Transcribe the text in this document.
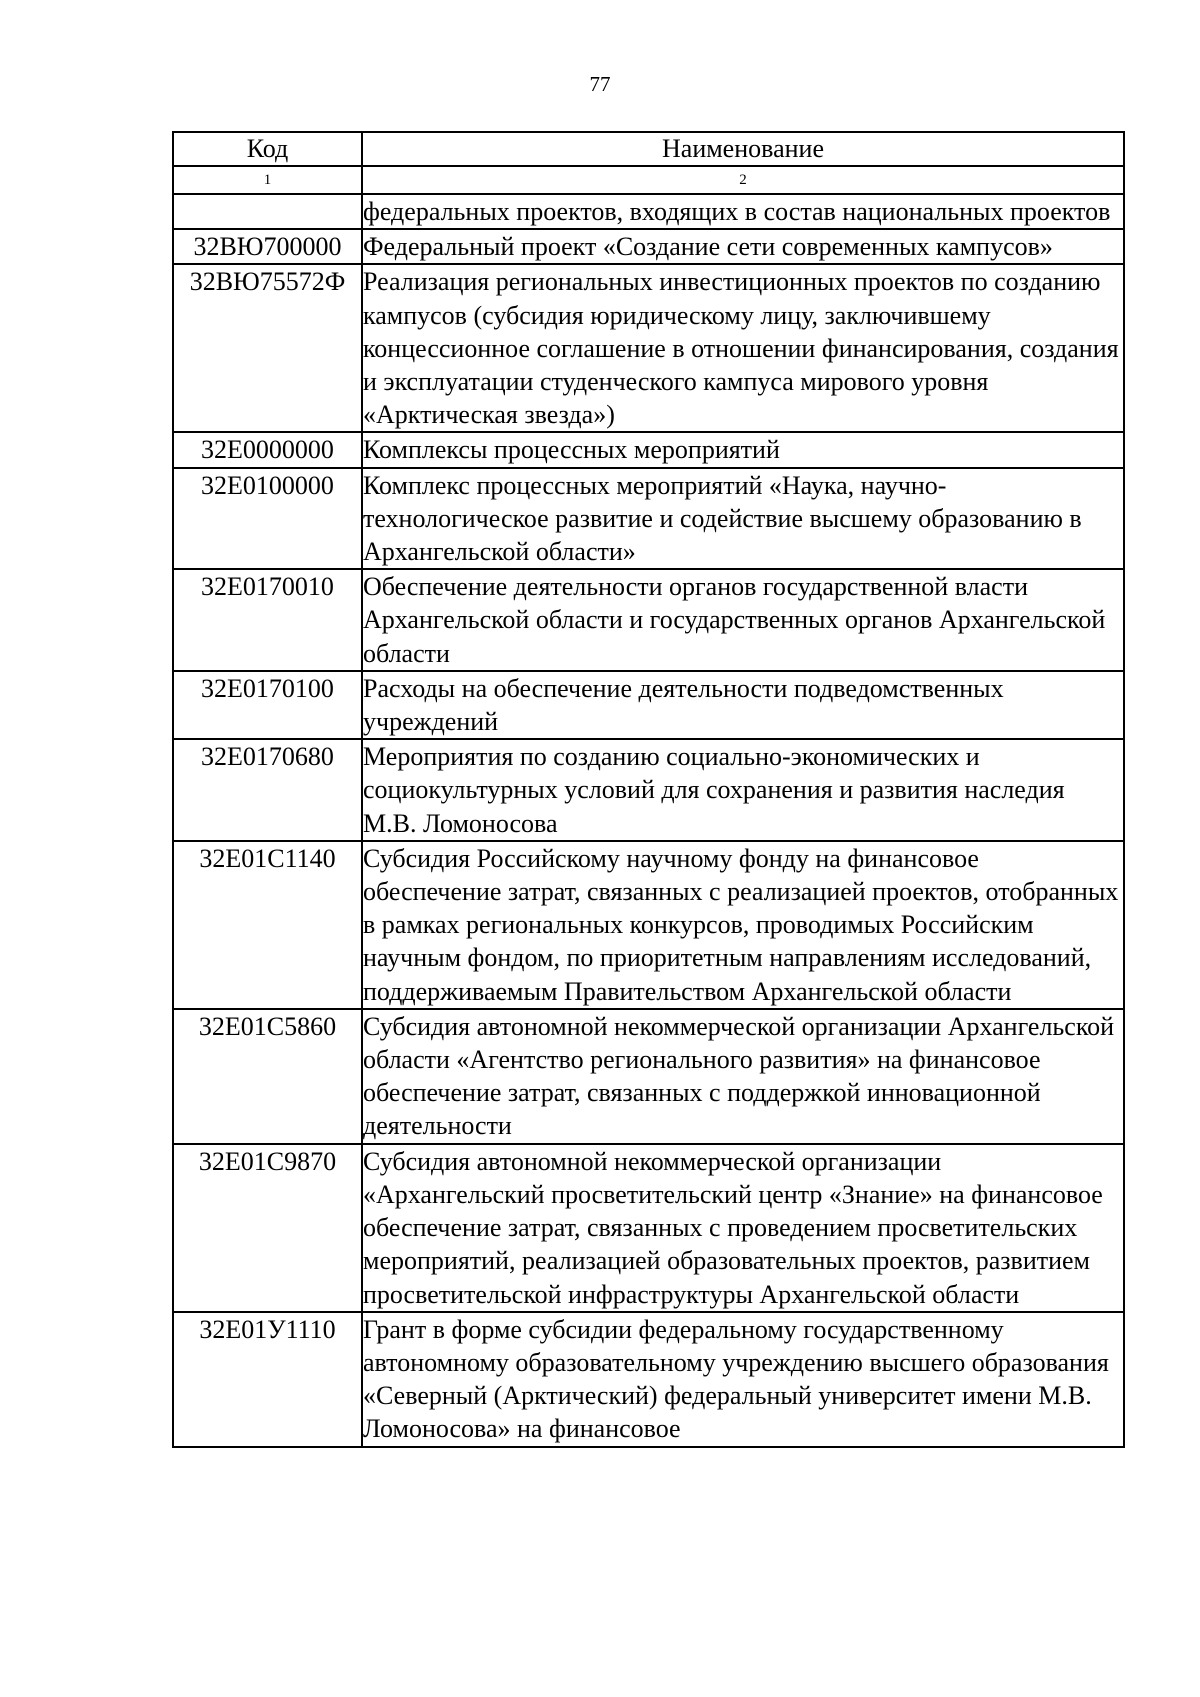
77
Код	Наименование
1	2
	федеральных проектов, входящих в состав национальных проектов
32ВЮ700000	Федеральный проект «Создание сети современных кампусов»
32ВЮ75572Ф	Реализация региональных инвестиционных проектов по созданию кампусов (субсидия юридическому лицу, заключившему концессионное соглашение в отношении финансирования, создания и эксплуатации студенческого кампуса мирового уровня «Арктическая звезда»)
32Е0000000	Комплексы процессных мероприятий
32Е0100000	Комплекс процессных мероприятий «Наука, научно-технологическое развитие и содействие высшему образованию в Архангельской области»
32Е0170010	Обеспечение деятельности органов государственной власти Архангельской области и государственных органов Архангельской области
32Е0170100	Расходы на обеспечение деятельности подведомственных учреждений
32Е0170680	Мероприятия по созданию социально-экономических и социокультурных условий для сохранения и развития наследия М.В. Ломоносова
32Е01С1140	Субсидия Российскому научному фонду на финансовое обеспечение затрат, связанных с реализацией проектов, отобранных в рамках региональных конкурсов, проводимых Российским научным фондом, по приоритетным направлениям исследований, поддерживаемым Правительством Архангельской области
32Е01С5860	Субсидия автономной некоммерческой организации Архангельской области «Агентство регионального развития» на финансовое обеспечение затрат, связанных с поддержкой инновационной деятельности
32Е01С9870	Субсидия автономной некоммерческой организации «Архангельский просветительский центр «Знание» на финансовое обеспечение затрат, связанных с проведением просветительских мероприятий, реализацией образовательных проектов, развитием просветительской инфраструктуры Архангельской области
32Е01У1110	Грант в форме субсидии федеральному государственному автономному образовательному учреждению высшего образования «Северный (Арктический) федеральный университет имени М.В. Ломоносова» на финансовое
